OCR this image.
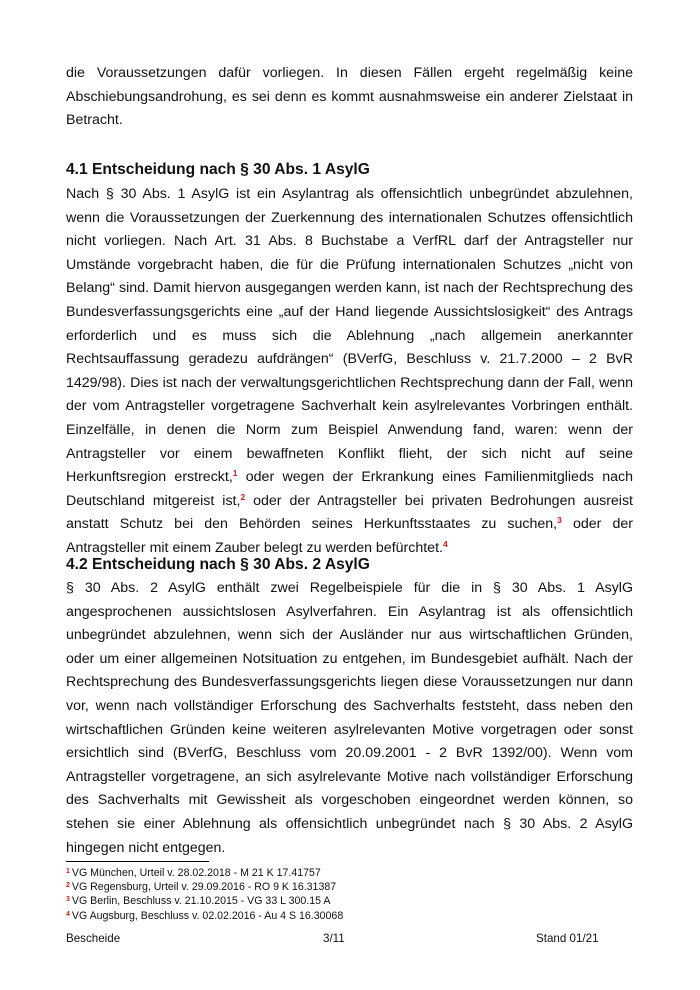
die Voraussetzungen dafür vorliegen. In diesen Fällen ergeht regelmäßig keine Abschiebungsandrohung, es sei denn es kommt ausnahmsweise ein anderer Zielstaat in Betracht.

4.1 Entscheidung nach § 30 Abs. 1 AsylG

Nach § 30 Abs. 1 AsylG ist ein Asylantrag als offensichtlich unbegründet abzulehnen, wenn die Voraussetzungen der Zuerkennung des internationalen Schutzes offensichtlich nicht vorliegen. Nach Art. 31 Abs. 8 Buchstabe a VerfRL darf der Antragsteller nur Umstände vorgebracht haben, die für die Prüfung internationalen Schutzes „nicht von Belang“ sind. Damit hiervon ausgegangen werden kann, ist nach der Rechtsprechung des Bundesverfassungsgerichts eine „auf der Hand liegende Aussichtslosigkeit“ des Antrags erforderlich und es muss sich die Ablehnung „nach allgemein anerkannter Rechtsauffassung geradezu aufdrängen“ (BVerfG, Beschluss v. 21.7.2000 – 2 BvR 1429/98). Dies ist nach der verwaltungsgerichtlichen Rechtsprechung dann der Fall, wenn der vom Antragsteller vorgetragene Sachverhalt kein asylrelevantes Vorbringen enthält. Einzelfälle, in denen die Norm zum Beispiel Anwendung fand, waren: wenn der Antragsteller vor einem bewaffneten Konflikt flieht, der sich nicht auf seine Herkunftsregion erstreckt,$^1$ oder wegen der Erkrankung eines Familienmitglieds nach Deutschland mitgereist ist,$^2$ oder der Antragsteller bei privaten Bedrohungen ausreist anstatt Schutz bei den Behörden seines Herkunftsstaates zu suchen,$^3$ oder der Antragsteller mit einem Zauber belegt zu werden befürchtet.$^4$

4.2 Entscheidung nach § 30 Abs. 2 AsylG

§ 30 Abs. 2 AsylG enthält zwei Regelbeispiele für die in § 30 Abs. 1 AsylG angesprochenen aussichtslosen Asylverfahren. Ein Asylantrag ist als offensichtlich unbegründet abzulehnen, wenn sich der Ausländer nur aus wirtschaftlichen Gründen, oder um einer allgemeinen Notsituation zu entgehen, im Bundesgebiet aufhält. Nach der Rechtsprechung des Bundesverfassungsgerichts liegen diese Voraussetzungen nur dann vor, wenn nach vollständiger Erforschung des Sachverhalts feststeht, dass neben den wirtschaftlichen Gründen keine weiteren asylrelevanten Motive vorgetragen oder sonst ersichtlich sind (BVerfG, Beschluss vom 20.09.2001 - 2 BvR 1392/00). Wenn vom Antragsteller vorgetragene, an sich asylrelevante Motive nach vollständiger Erforschung des Sachverhalts mit Gewissheit als vorgeschoben eingeordnet werden können, so stehen sie einer Ablehnung als offensichtlich unbegründet nach § 30 Abs. 2 AsylG hingegen nicht entgegen.

$^1$ VG München, Urteil v. 28.02.2018 - M 21 K 17.41757
$^2$ VG Regensburg, Urteil v. 29.09.2016 - RO 9 K 16.31387
$^3$ VG Berlin, Beschluss v. 21.10.2015 - VG 33 L 300.15 A
$^4$ VG Augsburg, Beschluss v. 02.02.2016 - Au 4 S 16.30068
Bescheide	3/11	Stand 01/21
